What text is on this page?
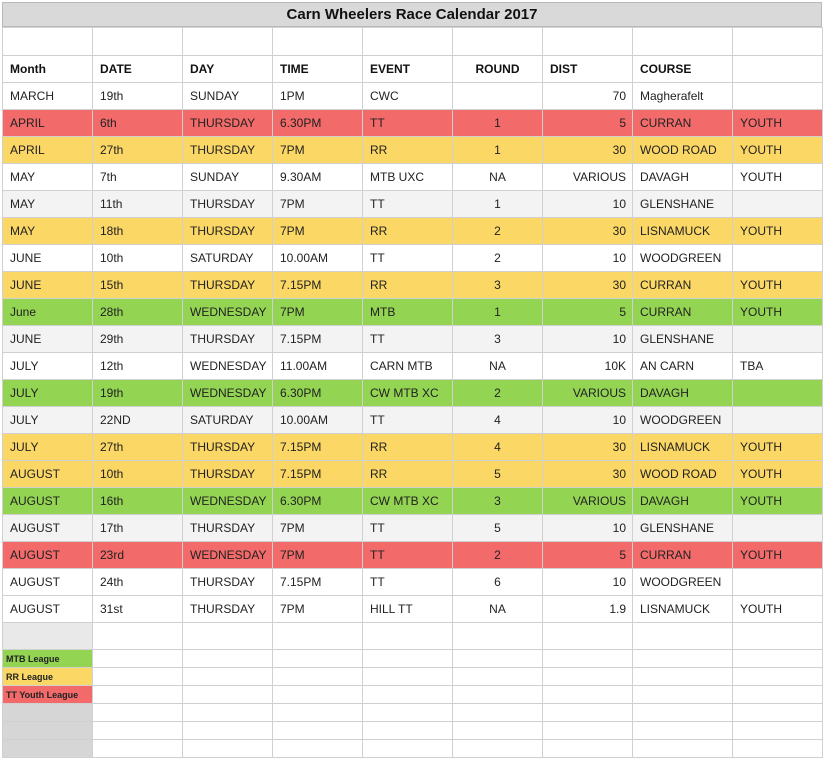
Carn Wheelers Race Calendar 2017

Month	DATE	DAY	TIME	EVENT	ROUND	DIST	COURSE	
MARCH	19th	SUNDAY	1PM	CWC		70	Magherafelt	
APRIL	6th	THURSDAY	6.30PM	TT	1	5	CURRAN	YOUTH
APRIL	27th	THURSDAY	7PM	RR	1	30	WOOD ROAD	YOUTH
MAY	7th	SUNDAY	9.30AM	MTB UXC	NA	VARIOUS	DAVAGH	YOUTH
MAY	11th	THURSDAY	7PM	TT	1	10	GLENSHANE	
MAY	18th	THURSDAY	7PM	RR	2	30	LISNAMUCK	YOUTH
JUNE	10th	SATURDAY	10.00AM	TT	2	10	WOODGREEN	
JUNE	15th	THURSDAY	7.15PM	RR	3	30	CURRAN	YOUTH
June	28th	WEDNESDAY	7PM	MTB	1	5	CURRAN	YOUTH
JUNE	29th	THURSDAY	7.15PM	TT	3	10	GLENSHANE	
JULY	12th	WEDNESDAY	11.00AM	CARN MTB	NA	10K	AN CARN	TBA
JULY	19th	WEDNESDAY	6.30PM	CW MTB XC	2	VARIOUS	DAVAGH	
JULY	22ND	SATURDAY	10.00AM	TT	4	10	WOODGREEN	
JULY	27th	THURSDAY	7.15PM	RR	4	30	LISNAMUCK	YOUTH
AUGUST	10th	THURSDAY	7.15PM	RR	5	30	WOOD ROAD	YOUTH
AUGUST	16th	WEDNESDAY	6.30PM	CW MTB XC	3	VARIOUS	DAVAGH	YOUTH
AUGUST	17th	THURSDAY	7PM	TT	5	10	GLENSHANE	
AUGUST	23rd	WEDNESDAY	7PM	TT	2	5	CURRAN	YOUTH
AUGUST	24th	THURSDAY	7.15PM	TT	6	10	WOODGREEN	
AUGUST	31st	THURSDAY	7PM	HILL TT	NA	1.9	LISNAMUCK	YOUTH

MTB League								
RR League								
TT Youth League								
